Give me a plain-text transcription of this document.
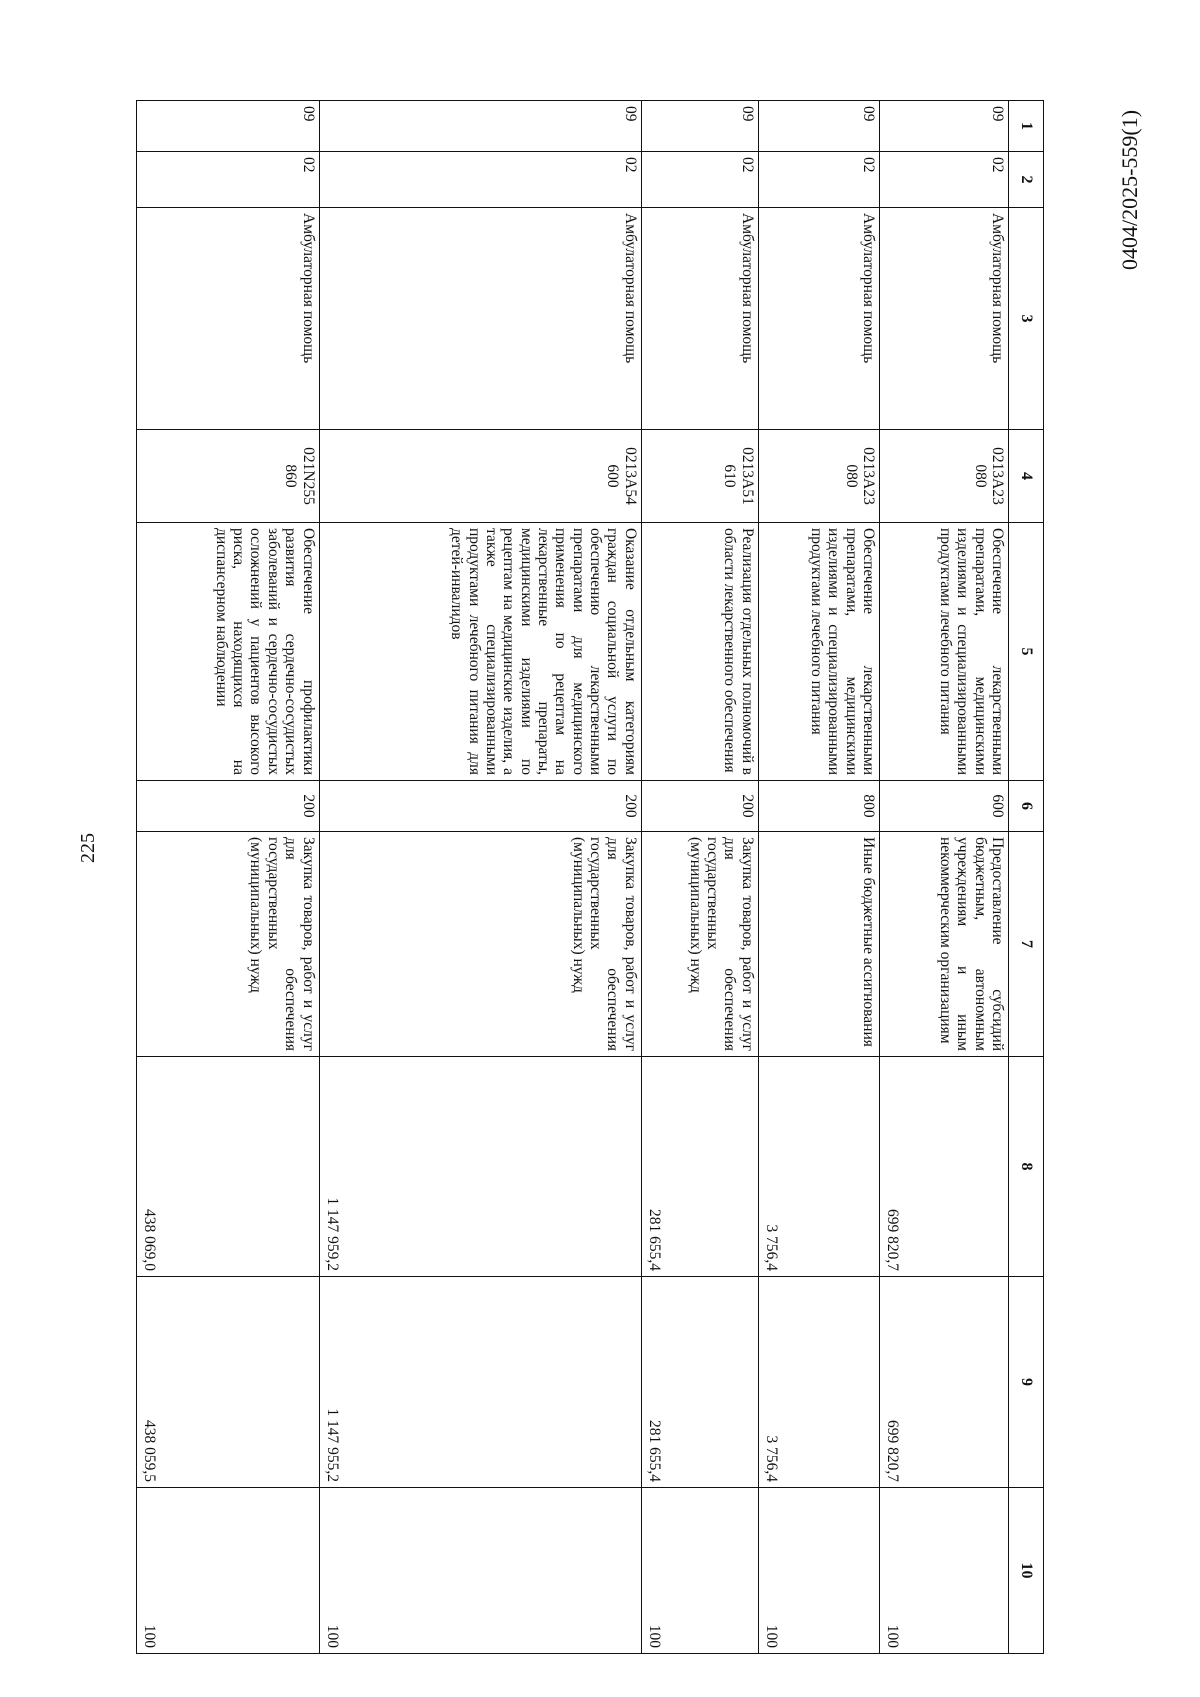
225
0404/2025-559(1)
1	2	3	4	5	6	7	8	9	10
09	02	Амбулаторная помощь	0213A23 080	Обеспечение лекарственными препаратами, медицинскими изделиями и специализированными продуктами лечебного питания	600	Предоставление субсидий бюджетным, автономным учреждениям и иным некоммерческим организациям	699 820,7	699 820,7	100
09	02	Амбулаторная помощь	0213A23 080	Обеспечение лекарственными препаратами, медицинскими изделиями и специализированными продуктами лечебного питания	800	Иные бюджетные ассигнования	3 756,4	3 756,4	100
09	02	Амбулаторная помощь	0213A51 610	Реализация отдельных полномочий в области лекарственного обеспечения	200	Закупка товаров, работ и услуг для обеспечения государственных (муниципальных) нужд	281 655,4	281 655,4	100
09	02	Амбулаторная помощь	0213A54 600	Оказание отдельным категориям граждан социальной услуги по обеспечению лекарственными препаратами для медицинского применения по рецептам на лекарственные препараты, медицинскими изделиями по рецептам на медицинские изделия, а также специализированными продуктами лечебного питания для детей-инвалидов	200	Закупка товаров, работ и услуг для обеспечения государственных (муниципальных) нужд	1 147 959,2	1 147 955,2	100
09	02	Амбулаторная помощь	021N255 860	Обеспечение профилактики развития сердечно-сосудистых заболеваний и сердечно-сосудистых осложнений у пациентов высокого риска, находящихся на диспансерном наблюдении	200	Закупка товаров, работ и услуг для обеспечения государственных (муниципальных) нужд	438 069,0	438 059,5	100
